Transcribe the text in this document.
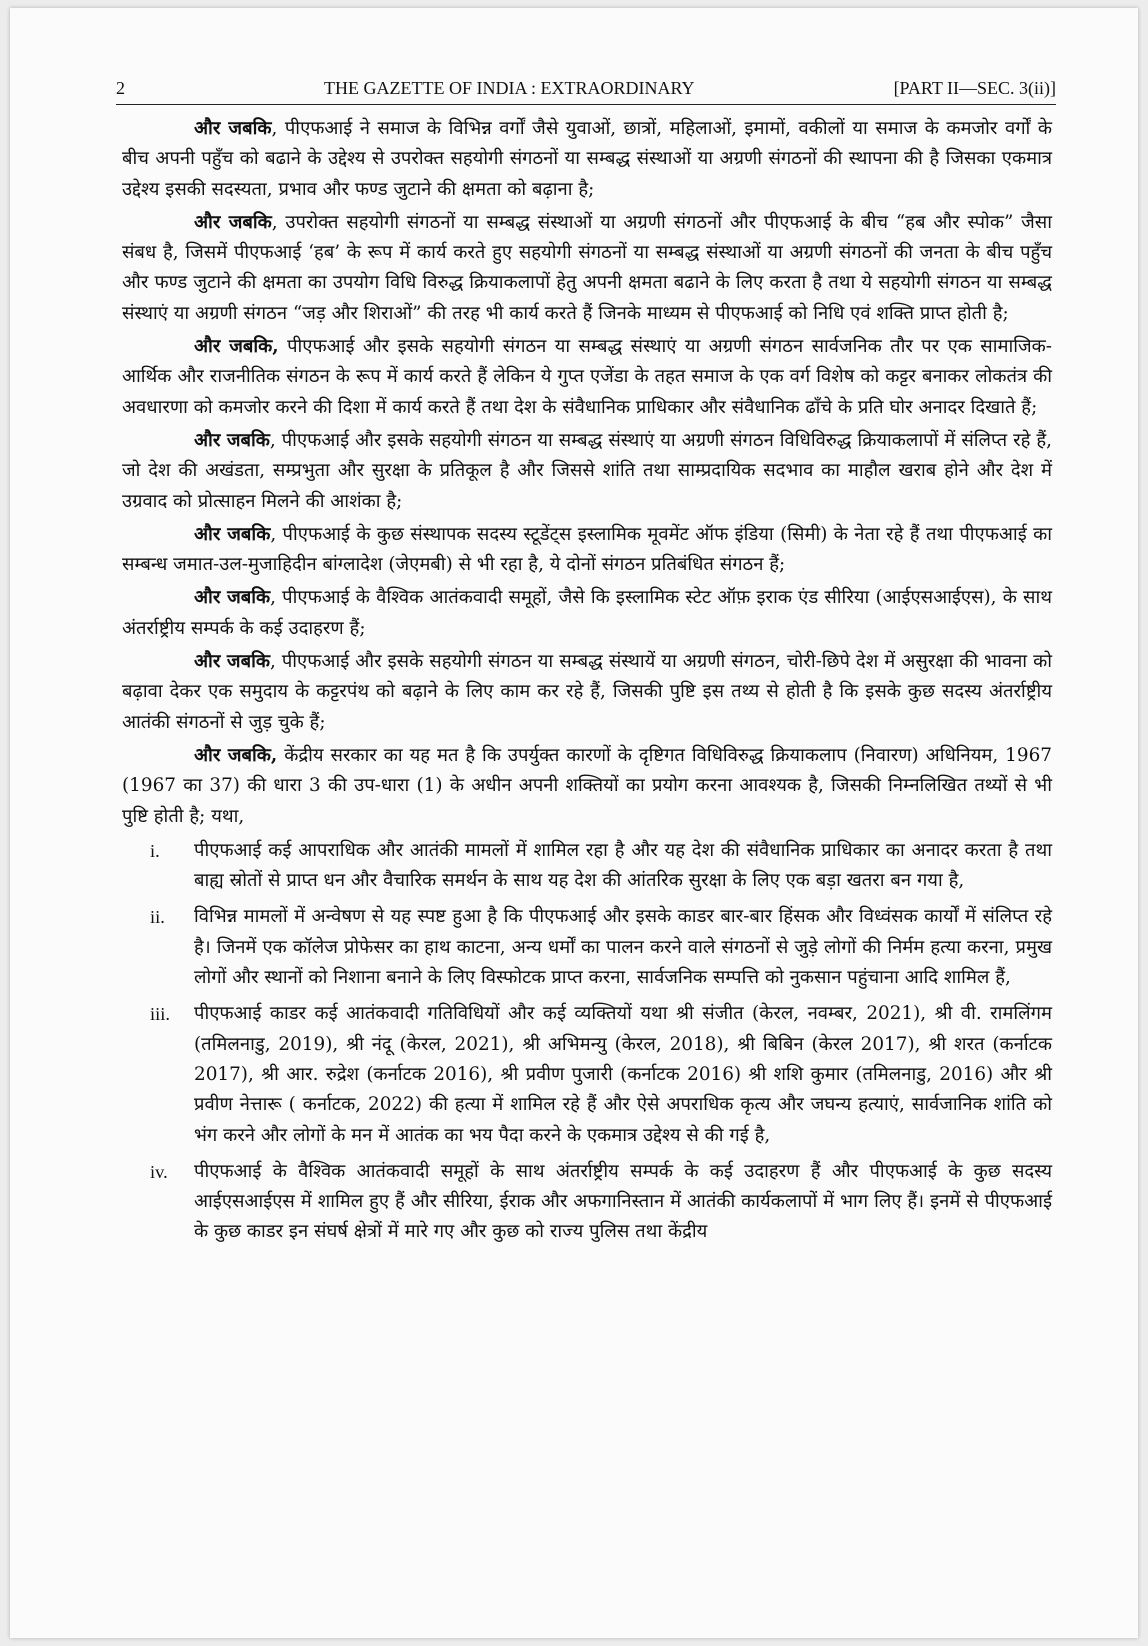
2	THE GAZETTE OF INDIA : EXTRAORDINARY	[PART II—SEC. 3(ii)]

और जबकि, पीएफआई ने समाज के विभिन्न वर्गों जैसे युवाओं, छात्रों, महिलाओं, इमामों, वकीलों या समाज के कमजोर वर्गों के बीच अपनी पहुँच को बढाने के उद्देश्य से उपरोक्त सहयोगी संगठनों या सम्बद्ध संस्थाओं या अग्रणी संगठनों की स्थापना की है जिसका एकमात्र उद्देश्य इसकी सदस्यता, प्रभाव और फण्ड जुटाने की क्षमता को बढ़ाना है;

और जबकि, उपरोक्त सहयोगी संगठनों या सम्बद्ध संस्थाओं या अग्रणी संगठनों और पीएफआई के बीच “हब और स्पोक” जैसा संबध है, जिसमें पीएफआई ‘हब’ के रूप में कार्य करते हुए सहयोगी संगठनों या सम्बद्ध संस्थाओं या अग्रणी संगठनों की जनता के बीच पहुँच और फण्ड जुटाने की क्षमता का उपयोग विधि विरुद्ध क्रियाकलापों हेतु अपनी क्षमता बढाने के लिए करता है तथा ये सहयोगी संगठन या सम्बद्ध संस्थाएं या अग्रणी संगठन “जड़ और शिराओं” की तरह भी कार्य करते हैं जिनके माध्यम से पीएफआई को निधि एवं शक्ति प्राप्त होती है;

और जबकि, पीएफआई और इसके सहयोगी संगठन या सम्बद्ध संस्थाएं या अग्रणी संगठन सार्वजनिक तौर पर एक सामाजिक-आर्थिक और राजनीतिक संगठन के रूप में कार्य करते हैं लेकिन ये गुप्त एजेंडा के तहत समाज के एक वर्ग विशेष को कट्टर बनाकर लोकतंत्र की अवधारणा को कमजोर करने की दिशा में कार्य करते हैं तथा देश के संवैधानिक प्राधिकार और संवैधानिक ढाँचे के प्रति घोर अनादर दिखाते हैं;

और जबकि, पीएफआई और इसके सहयोगी संगठन या सम्बद्ध संस्थाएं या अग्रणी संगठन विधिविरुद्ध क्रियाकलापों में संलिप्त रहे हैं, जो देश की अखंडता, सम्प्रभुता और सुरक्षा के प्रतिकूल है और जिससे शांति तथा साम्प्रदायिक सदभाव का माहौल खराब होने और देश में उग्रवाद को प्रोत्साहन मिलने की आशंका है;

और जबकि, पीएफआई के कुछ संस्थापक सदस्य स्टूडेंट्स इस्लामिक मूवमेंट ऑफ इंडिया (सिमी) के नेता रहे हैं तथा पीएफआई का सम्बन्ध जमात-उल-मुजाहिदीन बांग्लादेश (जेएमबी) से भी रहा है, ये दोनों संगठन प्रतिबंधित संगठन हैं;

और जबकि, पीएफआई के वैश्विक आतंकवादी समूहों, जैसे कि इस्लामिक स्टेट ऑफ़ इराक एंड सीरिया (आईएसआईएस), के साथ अंतर्राष्ट्रीय सम्पर्क के कई उदाहरण हैं;

और जबकि, पीएफआई और इसके सहयोगी संगठन या सम्बद्ध संस्थायें या अग्रणी संगठन, चोरी-छिपे देश में असुरक्षा की भावना को बढ़ावा देकर एक समुदाय के कट्टरपंथ को बढ़ाने के लिए काम कर रहे हैं, जिसकी पुष्टि इस तथ्य से होती है कि इसके कुछ सदस्य अंतर्राष्ट्रीय आतंकी संगठनों से जुड़ चुके हैं;

और जबकि, केंद्रीय सरकार का यह मत है कि उपर्युक्त कारणों के दृष्टिगत विधिविरुद्ध क्रियाकलाप (निवारण) अधिनियम, 1967 (1967 का 37) की धारा 3 की उप-धारा (1) के अधीन अपनी शक्तियों का प्रयोग करना आवश्यक है, जिसकी निम्नलिखित तथ्यों से भी पुष्टि होती है; यथा,

i.	पीएफआई कई आपराधिक और आतंकी मामलों में शामिल रहा है और यह देश की संवैधानिक प्राधिकार का अनादर करता है तथा बाह्य स्रोतों से प्राप्त धन और वैचारिक समर्थन के साथ यह देश की आंतरिक सुरक्षा के लिए एक बड़ा खतरा बन गया है,
ii.	विभिन्न मामलों में अन्वेषण से यह स्पष्ट हुआ है कि पीएफआई और इसके काडर बार-बार हिंसक और विध्वंसक कार्यों में संलिप्त रहे है। जिनमें एक कॉलेज प्रोफेसर का हाथ काटना, अन्य धर्मों का पालन करने वाले संगठनों से जुड़े लोगों की निर्मम हत्या करना, प्रमुख लोगों और स्थानों को निशाना बनाने के लिए विस्फोटक प्राप्त करना, सार्वजनिक सम्पत्ति को नुकसान पहुंचाना आदि शामिल हैं,
iii.	पीएफआई काडर कई आतंकवादी गतिविधियों और कई व्यक्तियों यथा श्री संजीत (केरल, नवम्बर, 2021), श्री वी. रामलिंगम (तमिलनाडु, 2019), श्री नंदू (केरल, 2021), श्री अभिमन्यु (केरल, 2018), श्री बिबिन (केरल 2017), श्री शरत (कर्नाटक 2017), श्री आर. रुद्रेश (कर्नाटक 2016), श्री प्रवीण पुजारी (कर्नाटक 2016) श्री शशि कुमार (तमिलनाडु, 2016) और श्री प्रवीण नेत्तारू ( कर्नाटक, 2022) की हत्या में शामिल रहे हैं और ऐसे अपराधिक कृत्य और जघन्य हत्याएं, सार्वजानिक शांति को भंग करने और लोगों के मन में आतंक का भय पैदा करने के एकमात्र उद्देश्य से की गई है,
iv.	पीएफआई के वैश्विक आतंकवादी समूहों के साथ अंतर्राष्ट्रीय सम्पर्क के कई उदाहरण हैं और पीएफआई के कुछ सदस्य आईएसआईएस में शामिल हुए हैं और सीरिया, ईराक और अफगानिस्तान में आतंकी कार्यकलापों में भाग लिए हैं। इनमें से पीएफआई के कुछ काडर इन संघर्ष क्षेत्रों में मारे गए और कुछ को राज्य पुलिस तथा केंद्रीय
